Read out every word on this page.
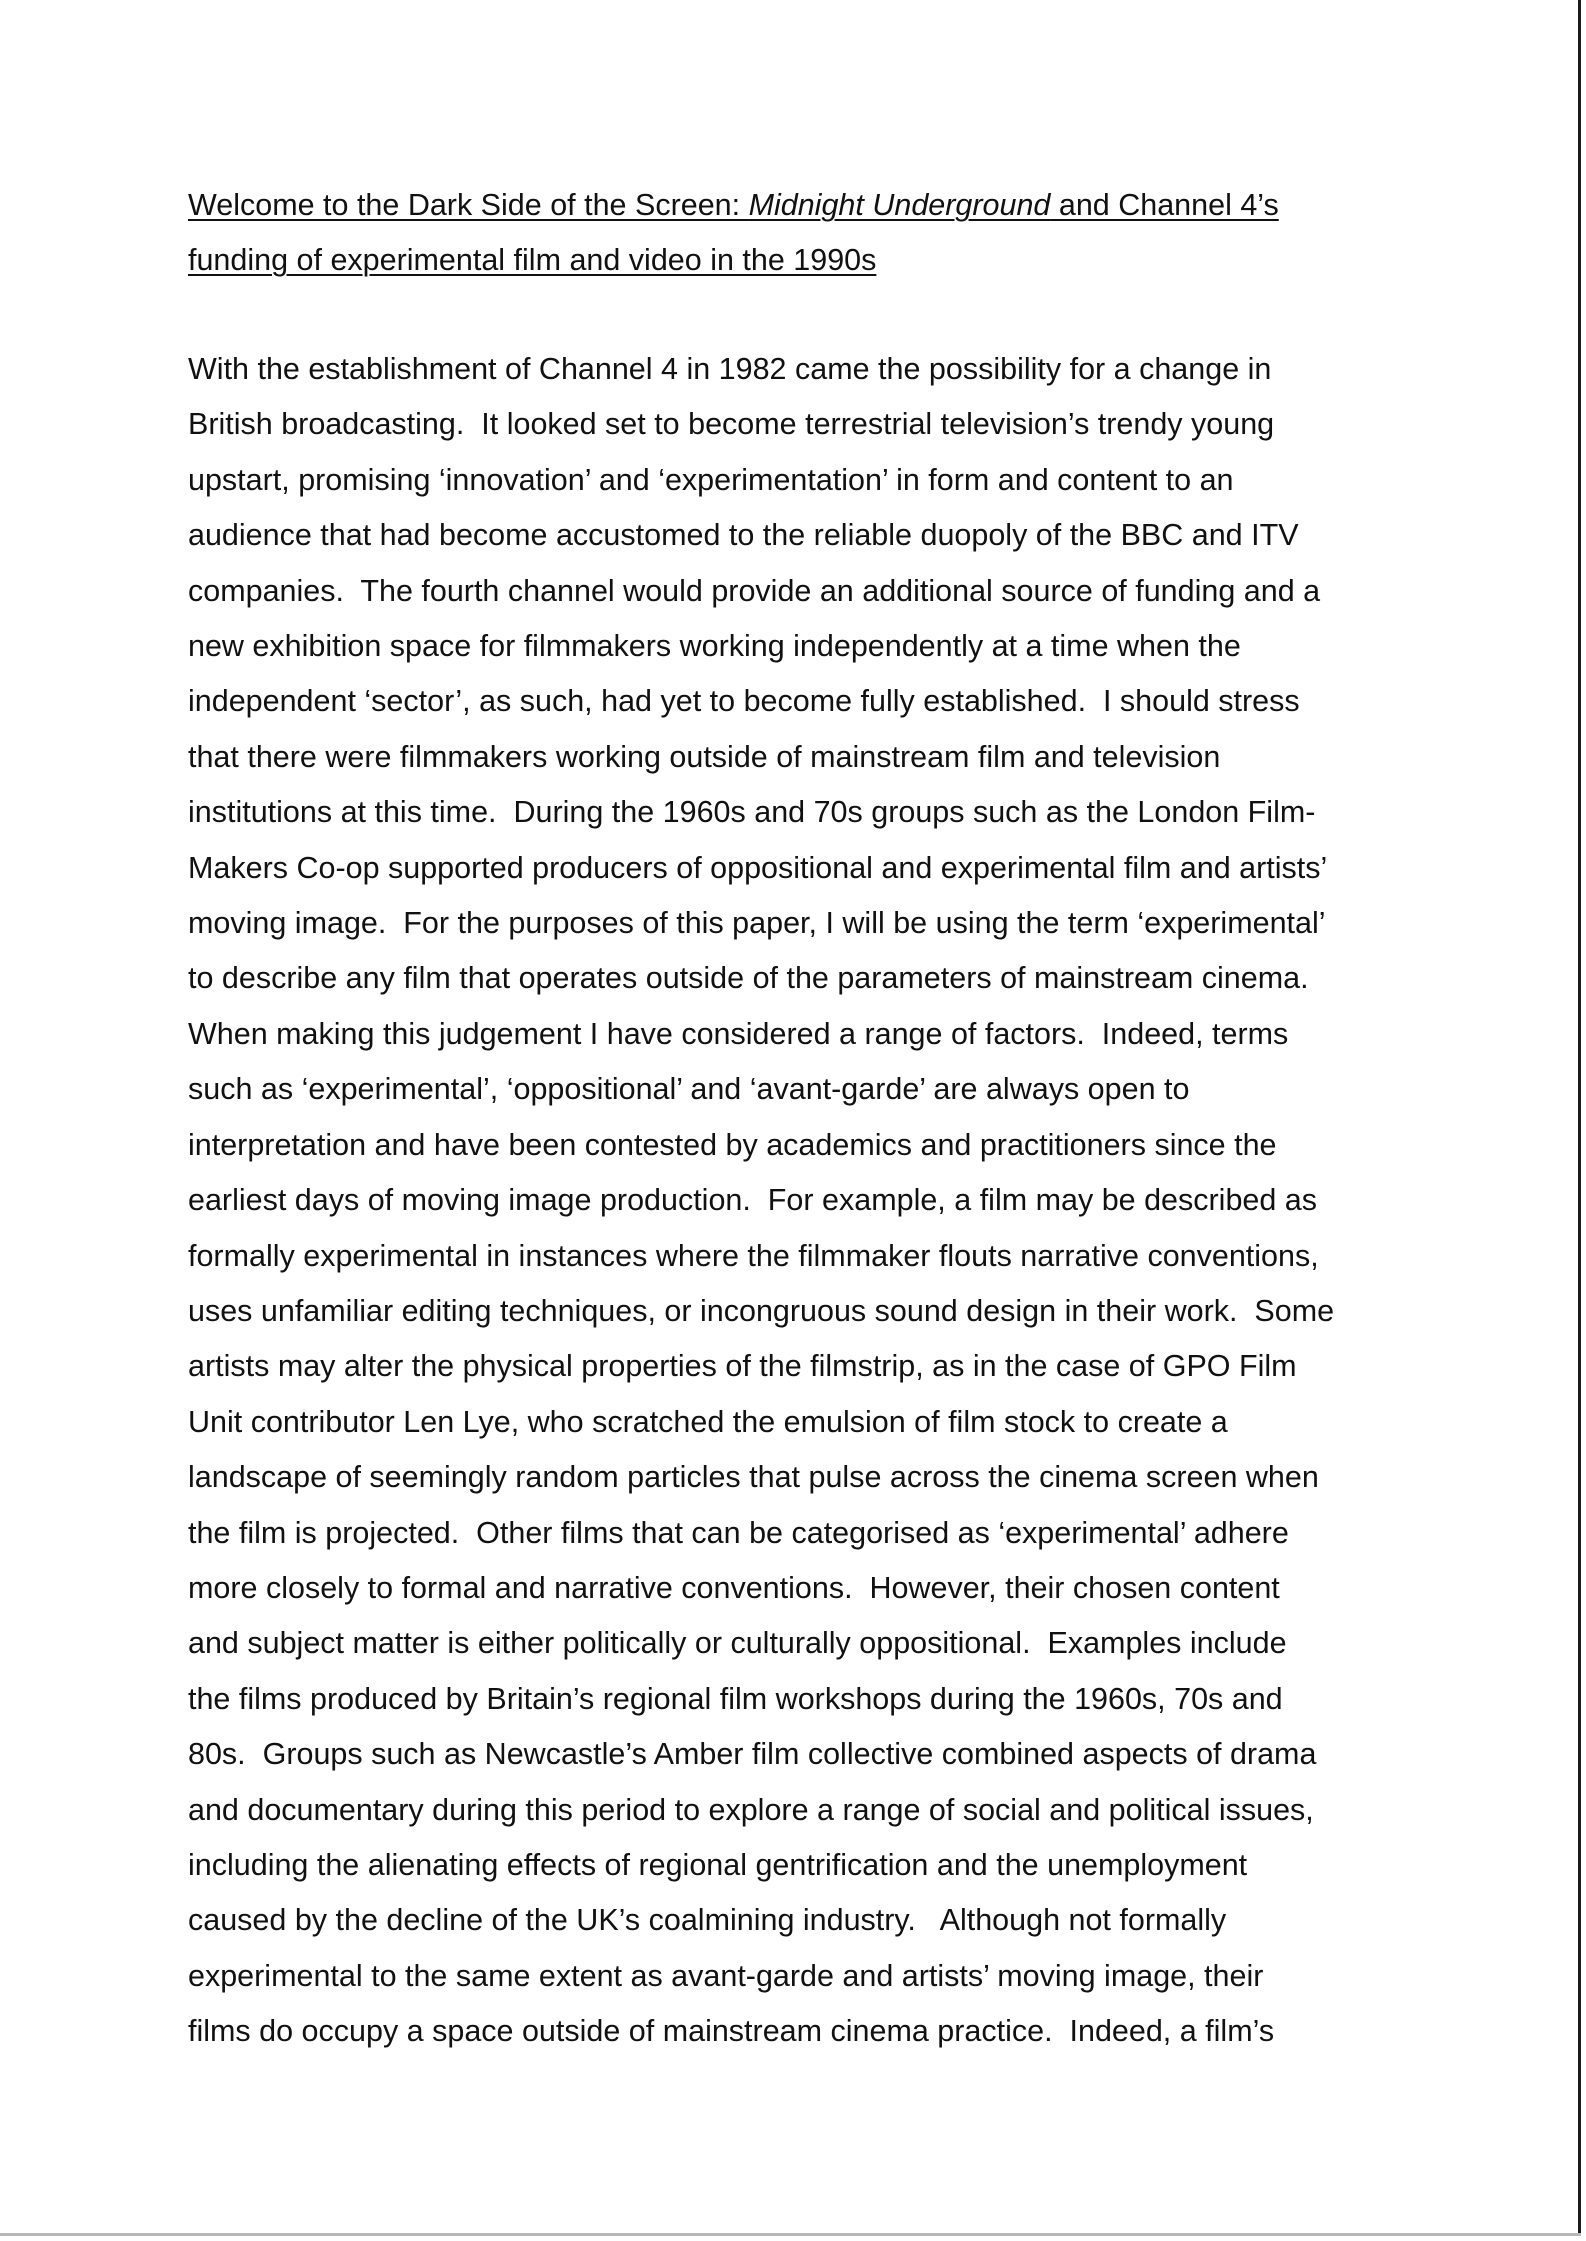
Welcome to the Dark Side of the Screen: Midnight Underground and Channel 4’s
funding of experimental film and video in the 1990s
With the establishment of Channel 4 in 1982 came the possibility for a change in
British broadcasting.  It looked set to become terrestrial television’s trendy young
upstart, promising ‘innovation’ and ‘experimentation’ in form and content to an
audience that had become accustomed to the reliable duopoly of the BBC and ITV
companies.  The fourth channel would provide an additional source of funding and a
new exhibition space for filmmakers working independently at a time when the
independent ‘sector’, as such, had yet to become fully established.  I should stress
that there were filmmakers working outside of mainstream film and television
institutions at this time.  During the 1960s and 70s groups such as the London Film-
Makers Co-op supported producers of oppositional and experimental film and artists’
moving image.  For the purposes of this paper, I will be using the term ‘experimental’
to describe any film that operates outside of the parameters of mainstream cinema.
When making this judgement I have considered a range of factors.  Indeed, terms
such as ‘experimental’, ‘oppositional’ and ‘avant-garde’ are always open to
interpretation and have been contested by academics and practitioners since the
earliest days of moving image production.  For example, a film may be described as
formally experimental in instances where the filmmaker flouts narrative conventions,
uses unfamiliar editing techniques, or incongruous sound design in their work.  Some
artists may alter the physical properties of the filmstrip, as in the case of GPO Film
Unit contributor Len Lye, who scratched the emulsion of film stock to create a
landscape of seemingly random particles that pulse across the cinema screen when
the film is projected.  Other films that can be categorised as ‘experimental’ adhere
more closely to formal and narrative conventions.  However, their chosen content
and subject matter is either politically or culturally oppositional.  Examples include
the films produced by Britain’s regional film workshops during the 1960s, 70s and
80s.  Groups such as Newcastle’s Amber film collective combined aspects of drama
and documentary during this period to explore a range of social and political issues,
including the alienating effects of regional gentrification and the unemployment
caused by the decline of the UK’s coalmining industry.   Although not formally
experimental to the same extent as avant-garde and artists’ moving image, their
films do occupy a space outside of mainstream cinema practice.  Indeed, a film’s
